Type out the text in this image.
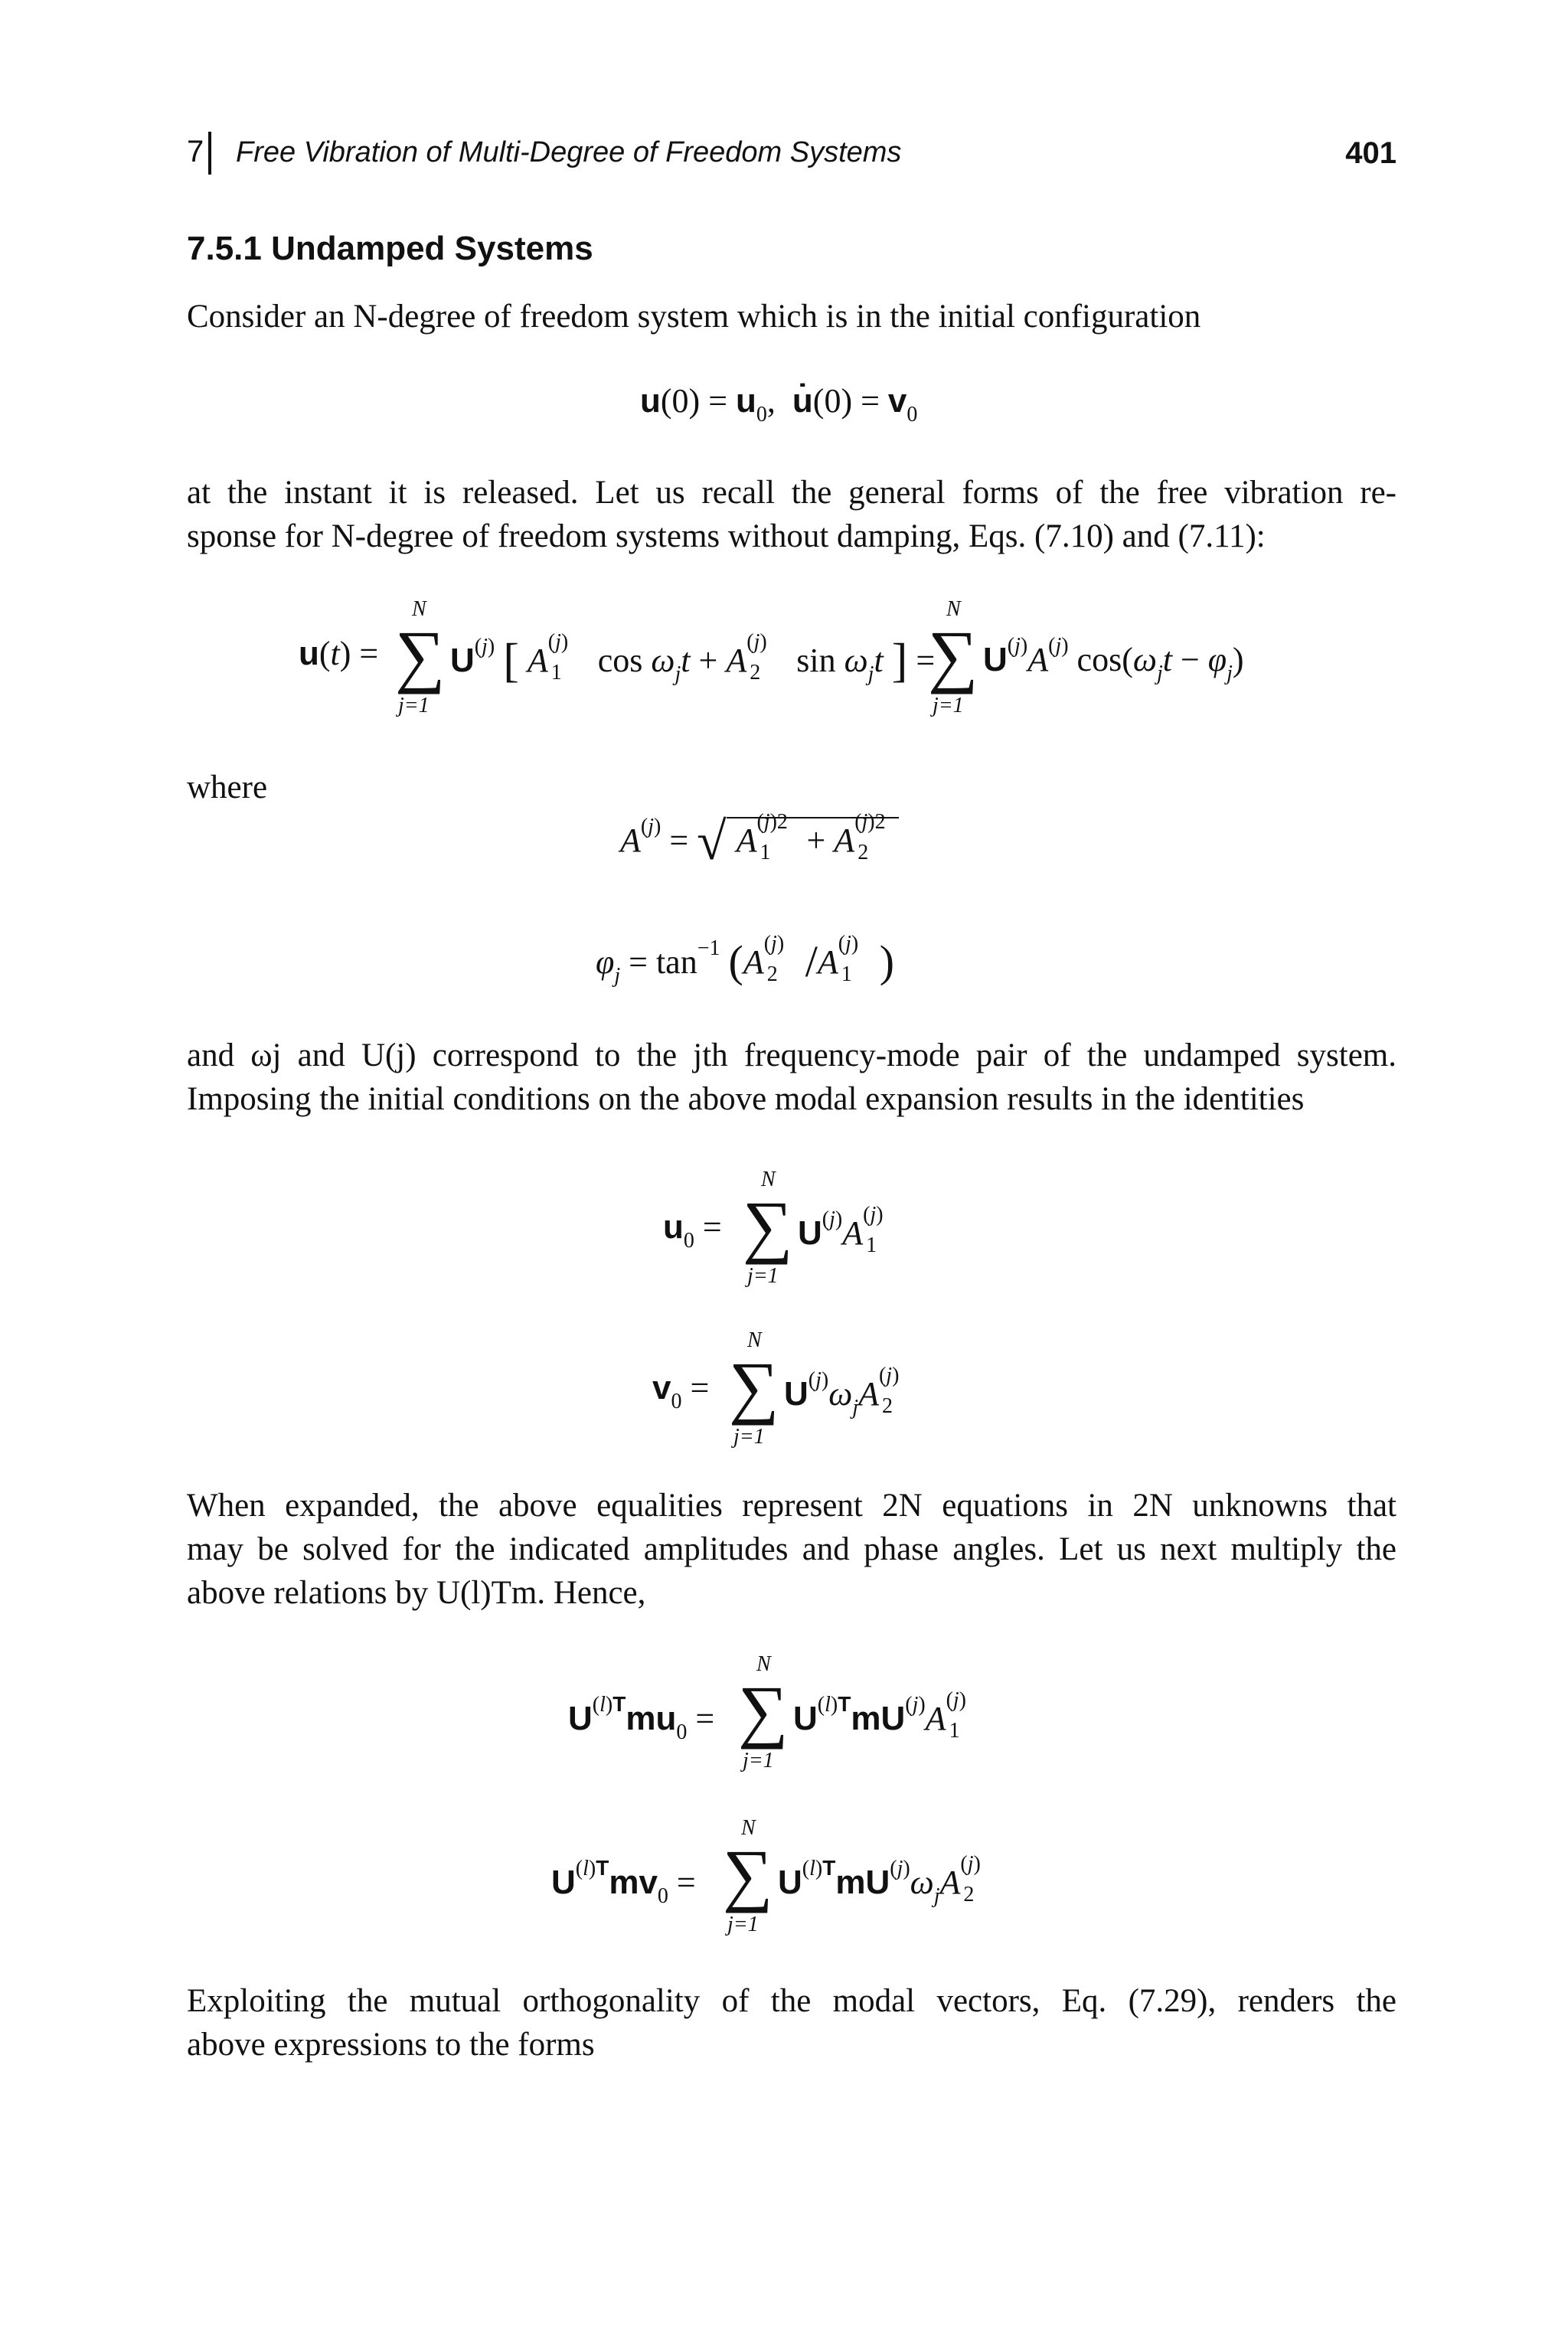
7 Free Vibration of Multi-Degree of Freedom Systems	401
7.5.1 Undamped Systems
Consider an N-degree of freedom system which is in the initial configuration
$u(0) = u_0$,  u̇(0) = $v_0$
at the instant it is released. Let us recall the general forms of the free vibration re-
sponse for N-degree of freedom systems without damping, Eqs. (7.10) and (7.11):
u(t) =
N
∑
j=1
$U^{(j)}$ [ A (j)
1 $\cos \omega_jt + A$ (j)
2 $\sin \omega_jt$ ] =
N
∑
j=1
$U^{(j)}A^{(j)}$ $\cos(\omega_jt - \varphi_j)$
where
$A^{(j)}$ = √ A (j)2
1 + A (j)2
2
$\varphi_j = \tan^{-1} (A$ (j)
2 /A (j)
1 )
and ωj and U(j) correspond to the jth frequency-mode pair of the undamped system.
Imposing the initial conditions on the above modal expansion results in the identities
$u_0$ =
N
∑
j=1
$U^{(j)}A$ (j)
1
$v_0$ =
N
∑
j=1
$U^{(j)}\omega_jA$ (j)
2
When expanded, the above equalities represent 2N equations in 2N unknowns that
may be solved for the indicated amplitudes and phase angles. Let us next multiply the
above relations by U(l)Tm. Hence,
$U^{(l)T}mu_0$ =
N
∑
j=1
$U^{(l)T}mU^{(j)}A$ (j)
1
$U^{(l)T}mv_0$ =
N
∑
j=1
$U^{(l)T}mU^{(j)}\omega_jA$ (j)
2
Exploiting the mutual orthogonality of the modal vectors, Eq. (7.29), renders the
above expressions to the forms
